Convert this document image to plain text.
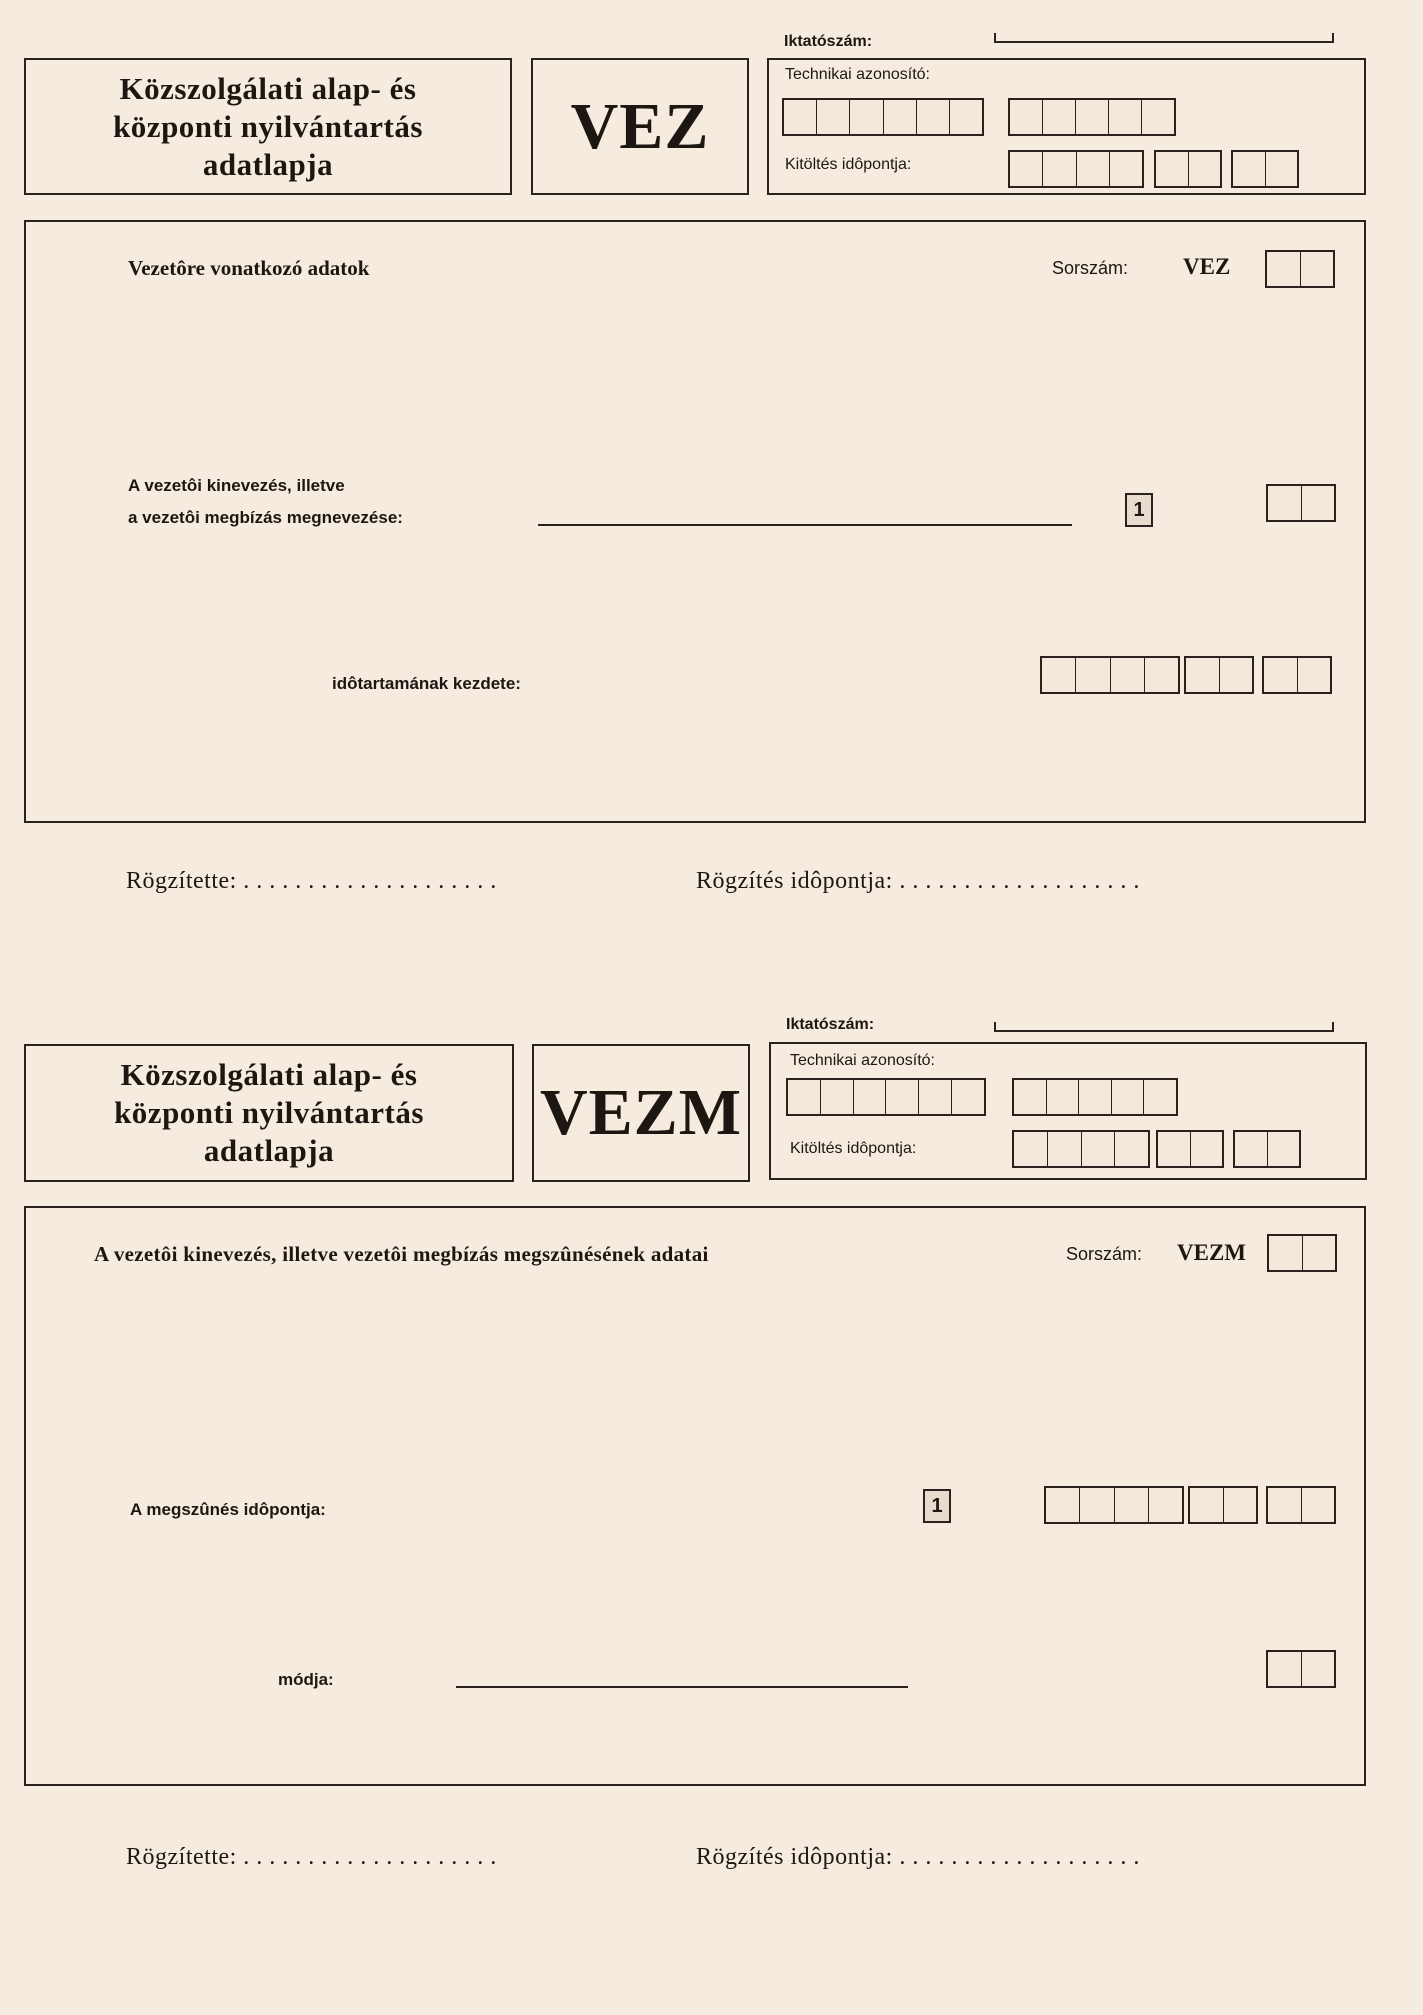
Iktatószám:
Közszolgálati alap- és
központi nyilvántartás
adatlapja
VEZ
Technikai azonosító:
Kitöltés idôpontja:
Vezetôre vonatkozó adatok	Sorszám: VEZ
A vezetôi kinevezés, illetve
a vezetôi megbízás megnevezése:	1
idôtartamának kezdete:
Rögzítette: . . . . . . . . . . . . . . . . . . . .	Rögzítés idôpontja: . . . . . . . . . . . . . . . . . . .
Iktatószám:
Közszolgálati alap- és
központi nyilvántartás
adatlapja
VEZM
Technikai azonosító:
Kitöltés idôpontja:
A vezetôi kinevezés, illetve vezetôi megbízás megszûnésének adatai	Sorszám: VEZM
A megszûnés idôpontja:	1
módja:
Rögzítette: . . . . . . . . . . . . . . . . . . . .	Rögzítés idôpontja: . . . . . . . . . . . . . . . . . . .
